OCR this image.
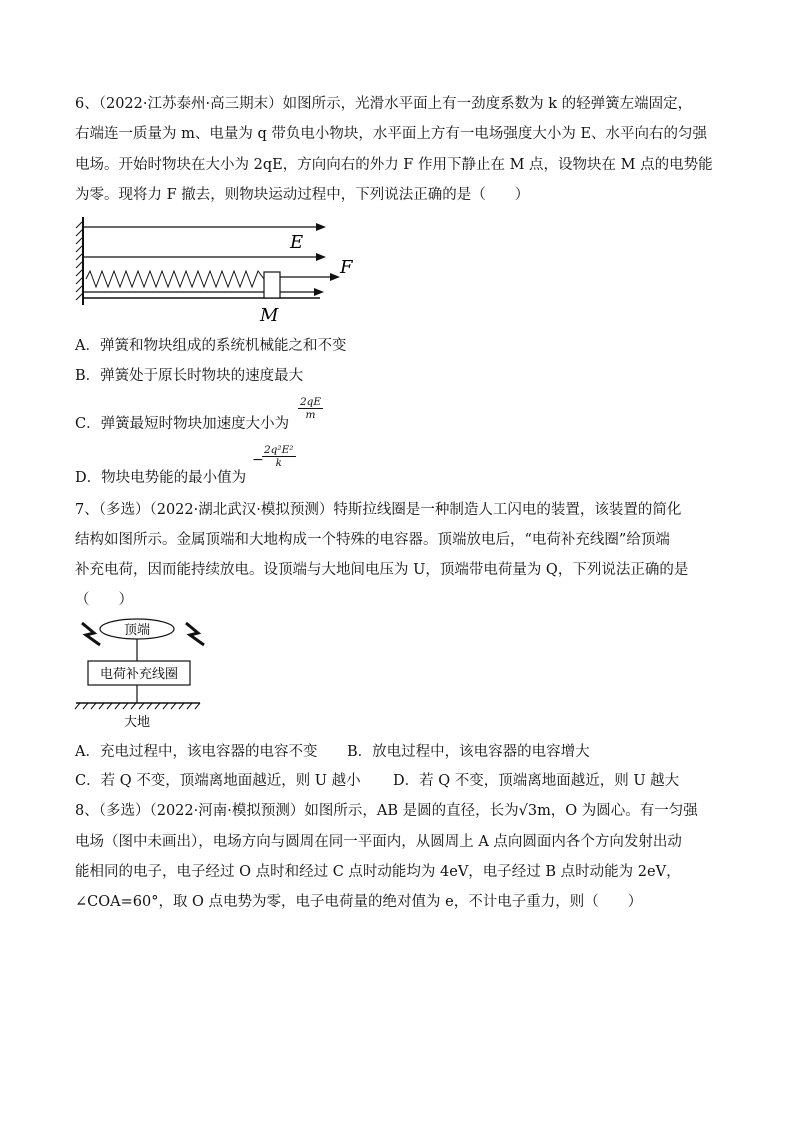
6、（2022·江苏泰州·高三期末）如图所示，光滑水平面上有一劲度系数为 k 的轻弹簧左端固定，
右端连一质量为 m、电量为 q 带负电小物块，水平面上方有一电场强度大小为 E、水平向右的匀强
电场。开始时物块在大小为 2qE，方向向右的外力 F 作用下静止在 M 点，设物块在 M 点的电势能
为零。现将力 F 撤去，则物块运动过程中，下列说法正确的是（　　）
E
F
M
A．弹簧和物块组成的系统机械能之和不变
B．弹簧处于原长时物块的速度最大
C．弹簧最短时物块加速度大小为
$\frac{2qE}{m}$
D．物块电势能的最小值为
−
$\frac{\text{2q²E²}}{k}$
7、（多选）（2022·湖北武汉·模拟预测）特斯拉线圈是一种制造人工闪电的装置，该装置的简化
结构如图所示。金属顶端和大地构成一个特殊的电容器。顶端放电后，“电荷补充线圈”给顶端
补充电荷，因而能持续放电。设顶端与大地间电压为 U，顶端带电荷量为 Q，下列说法正确的是
（　　）
顶端
电荷补充线圈
大地
A．充电过程中，该电容器的电容不变 B．放电过程中，该电容器的电容增大
C．若 Q 不变，顶端离地面越近，则 U 越小 D．若 Q 不变，顶端离地面越近，则 U 越大
8、（多选）（2022·河南·模拟预测）如图所示，AB 是圆的直径，长为√3m，O 为圆心。有一匀强
电场（图中未画出），电场方向与圆周在同一平面内，从圆周上 A 点向圆面内各个方向发射出动
能相同的电子，电子经过 O 点时和经过 C 点时动能均为 4eV，电子经过 B 点时动能为 2eV，
∠COA=60°，取 O 点电势为零，电子电荷量的绝对值为 e，不计电子重力，则（　　）
